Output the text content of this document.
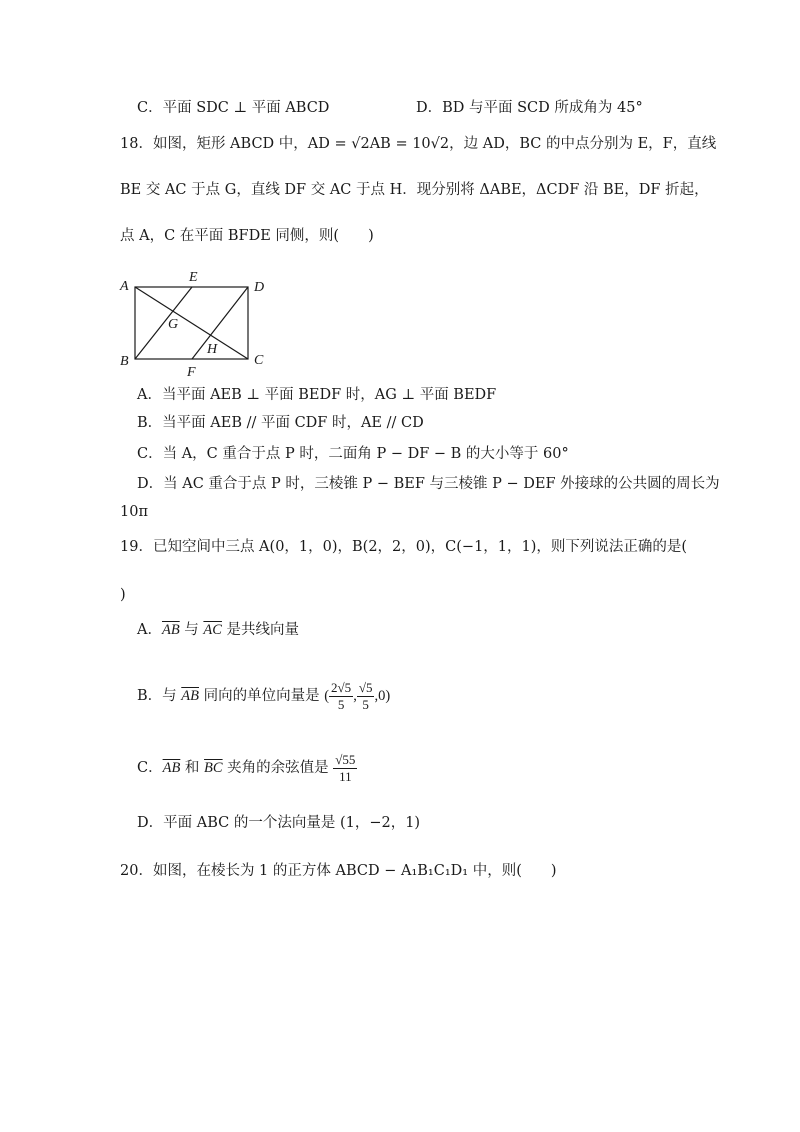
C．平面 SDC ⊥ 平面 ABCD	D．BD 与平面 SCD 所成角为 45°
18．如图，矩形 ABCD 中，AD = √2AB = 10√2，边 AD，BC 的中点分别为 E，F，直线
BE 交 AC 于点 G，直线 DF 交 AC 于点 H．现分别将 ΔABE，ΔCDF 沿 BE，DF 折起，
点 A，C 在平面 BFDE 同侧，则(　　)
A
E
D
G
H
B	C
F
A．当平面 AEB ⊥ 平面 BEDF 时，AG ⊥ 平面 BEDF
B．当平面 AEB // 平面 CDF 时，AE // CD
C．当 A，C 重合于点 P 时，二面角 P − DF − B 的大小等于 60°
D．当 AC 重合于点 P 时，三棱锥 P − BEF 与三棱锥 P − DEF 外接球的公共圆的周长为
10π
19．已知空间中三点 A(0，1，0)，B(2，2，0)，C(−1，1，1)，则下列说法正确的是(
)
A．$\overline{AB}$ 与 $\overline{AC}$ 是共线向量
B．与 $\overline{AB}$ 同向的单位向量是 ( $\frac{2√5}{5}$ , $\frac{√5}{5} ,0$)
C．$\overline{AB}$ 和 $\overline{BC}$ 夹角的余弦值是 $\frac{√55}{11}$
D．平面 ABC 的一个法向量是 (1，−2，1)
20．如图，在棱长为 1 的正方体 ABCD − A₁B₁C₁D₁ 中，则(　　)
